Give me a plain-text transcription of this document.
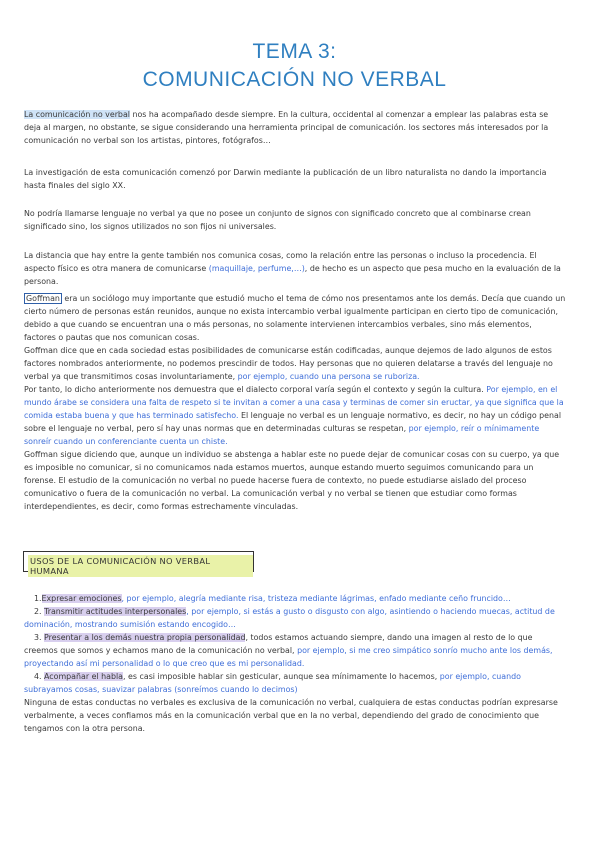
TEMA 3:
COMUNICACIÓN NO VERBAL
La comunicación no verbal nos ha acompañado desde siempre. En la cultura, occidental al comenzar a emplear las palabras esta se deja al margen, no obstante, se sigue considerando una herramienta principal de comunicación. los sectores más interesados por la comunicación no verbal son los artistas, pintores, fotógrafos…
La investigación de esta comunicación comenzó por Darwin mediante la publicación de un libro naturalista no dando la importancia hasta finales del siglo XX.
No podría llamarse lenguaje no verbal ya que no posee un conjunto de signos con significado concreto que al combinarse crean significado sino, los signos utilizados no son fijos ni universales.
La distancia que hay entre la gente también nos comunica cosas, como la relación entre las personas o incluso la procedencia. El aspecto físico es otra manera de comunicarse (maquillaje, perfume,…), de hecho es un aspecto que pesa mucho en la evaluación de la persona.
Goffman era un sociólogo muy importante que estudió mucho el tema de cómo nos presentamos ante los demás. Decía que cuando un cierto número de personas están reunidos, aunque no exista intercambio verbal igualmente participan en cierto tipo de comunicación, debido a que cuando se encuentran una o más personas, no solamente intervienen intercambios verbales, sino más elementos, factores o pautas que nos comunican cosas.
Goffman dice que en cada sociedad estas posibilidades de comunicarse están codificadas, aunque dejemos de lado algunos de estos factores nombrados anteriormente, no podemos prescindir de todos. Hay personas que no quieren delatarse a través del lenguaje no verbal ya que transmitimos cosas involuntariamente, por ejemplo, cuando una persona se ruboriza.
Por tanto, lo dicho anteriormente nos demuestra que el dialecto corporal varía según el contexto y según la cultura. Por ejemplo, en el mundo árabe se considera una falta de respeto si te invitan a comer a una casa y terminas de comer sin eructar, ya que significa que la comida estaba buena y que has terminado satisfecho. El lenguaje no verbal es un lenguaje normativo, es decir, no hay un código penal sobre el lenguaje no verbal, pero sí hay unas normas que en determinadas culturas se respetan, por ejemplo, reír o mínimamente sonreír cuando un conferenciante cuenta un chiste.
Goffman sigue diciendo que, aunque un individuo se abstenga a hablar este no puede dejar de comunicar cosas con su cuerpo, ya que es imposible no comunicar, si no comunicamos nada estamos muertos, aunque estando muerto seguimos comunicando para un forense. El estudio de la comunicación no verbal no puede hacerse fuera de contexto, no puede estudiarse aislado del proceso comunicativo o fuera de la comunicación no verbal. La comunicación verbal y no verbal se tienen que estudiar como formas interdependientes, es decir, como formas estrechamente vinculadas.
USOS DE LA COMUNICACIÓN NO VERBAL HUMANA
1.Expresar emociones, por ejemplo, alegría mediante risa, tristeza mediante lágrimas, enfado mediante ceño fruncido…
2. Transmitir actitudes interpersonales, por ejemplo, si estás a gusto o disgusto con algo, asintiendo o haciendo muecas, actitud de dominación, mostrando sumisión estando encogido…
3. Presentar a los demás nuestra propia personalidad, todos estamos actuando siempre, dando una imagen al resto de lo que creemos que somos y echamos mano de la comunicación no verbal, por ejemplo, si me creo simpático sonrío mucho ante los demás, proyectando así mi personalidad o lo que creo que es mi personalidad.
4. Acompañar el habla, es casi imposible hablar sin gesticular, aunque sea mínimamente lo hacemos, por ejemplo, cuando subrayamos cosas, suavizar palabras (sonreímos cuando lo decimos)
Ninguna de estas conductas no verbales es exclusiva de la comunicación no verbal, cualquiera de estas conductas podrían expresarse verbalmente, a veces confiamos más en la comunicación verbal que en la no verbal, dependiendo del grado de conocimiento que tengamos con la otra persona.
